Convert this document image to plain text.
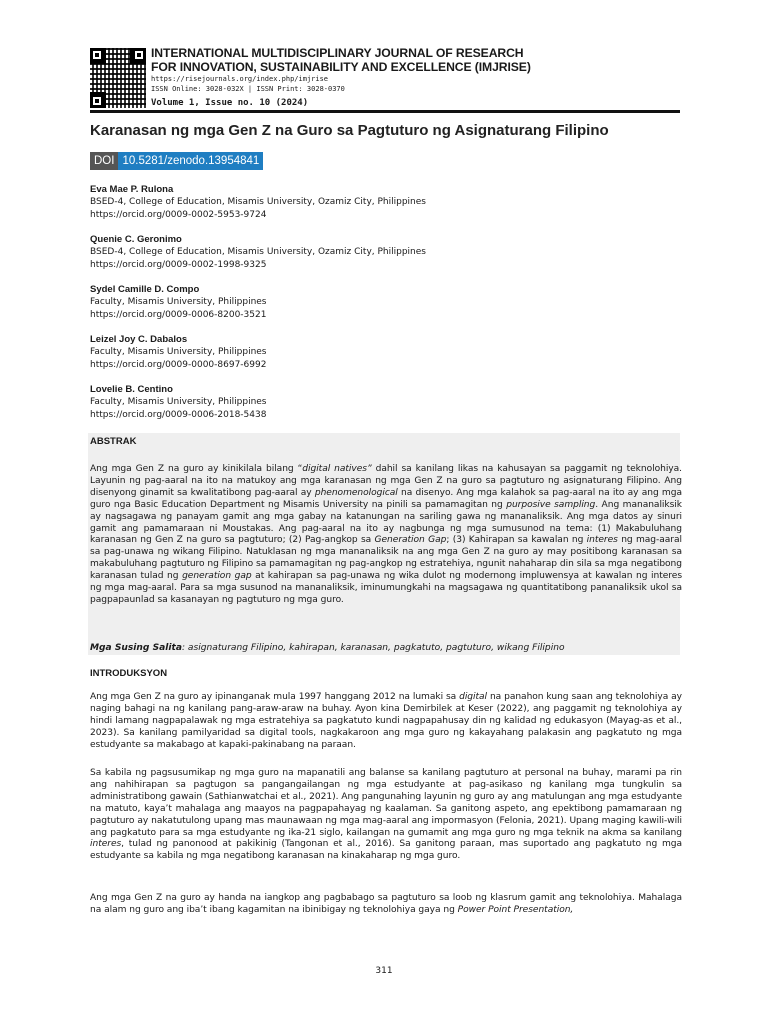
INTERNATIONAL MULTIDISCIPLINARY JOURNAL OF RESEARCH
FOR INNOVATION, SUSTAINABILITY AND EXCELLENCE (IMJRISE)
https://risejournals.org/index.php/imjrise
ISSN Online: 3028-032X | ISSN Print: 3028-0370
Volume 1, Issue no. 10 (2024)
Karanasan ng mga Gen Z na Guro sa Pagtuturo ng Asignaturang Filipino
DOI 10.5281/zenodo.13954841
Eva Mae P. Rulona
BSED-4, College of Education, Misamis University, Ozamiz City, Philippines
https://orcid.org/0009-0002-5953-9724
Quenie C. Geronimo
BSED-4, College of Education, Misamis University, Ozamiz City, Philippines
https://orcid.org/0009-0002-1998-9325
Sydel Camille D. Compo
Faculty, Misamis University, Philippines
https://orcid.org/0009-0006-8200-3521
Leizel Joy C. Dabalos
Faculty, Misamis University, Philippines
https://orcid.org/0009-0000-8697-6992
Lovelie B. Centino
Faculty, Misamis University, Philippines
https://orcid.org/0009-0006-2018-5438
ABSTRAK

Ang mga Gen Z na guro ay kinikilala bilang “digital natives” dahil sa kanilang likas na kahusayan sa paggamit ng teknolohiya. Layunin ng pag-aaral na ito na matukoy ang mga karanasan ng mga Gen Z na guro sa pagtuturo ng asignaturang Filipino. Ang disenyong ginamit sa kwalitatibong pag-aaral ay phenomenological na disenyo. Ang mga kalahok sa pag-aaral na ito ay ang mga guro nga Basic Education Department ng Misamis University na pinili sa pamamagitan ng purposive sampling. Ang mananaliksik ay nagsagawa ng panayam gamit ang mga gabay na katanungan na sariling gawa ng mananaliksik. Ang mga datos ay sinuri gamit ang pamamaraan ni Moustakas. Ang pag-aaral na ito ay nagbunga ng mga sumusunod na tema: (1) Makabuluhang karanasan ng Gen Z na guro sa pagtuturo; (2) Pag-angkop sa Generation Gap; (3) Kahirapan sa kawalan ng interes ng mag-aaral sa pag-unawa ng wikang Filipino. Natuklasan ng mga mananaliksik na ang mga Gen Z na guro ay may positibong karanasan sa makabuluhang pagtuturo ng Filipino sa pamamagitan ng pag-angkop ng estratehiya, ngunit nahaharap din sila sa mga negatibong karanasan tulad ng generation gap at kahirapan sa pag-unawa ng wika dulot ng modernong impluwensya at kawalan ng interes ng mga mag-aaral. Para sa mga susunod na mananaliksik, iminumungkahi na magsagawa ng quantitatibong pananaliksik ukol sa pagpapaunlad sa kasanayan ng pagtuturo ng mga guro.

Mga Susing Salita: asignaturang Filipino, kahirapan, karanasan, pagkatuto, pagtuturo, wikang Filipino

INTRODUKSYON

Ang mga Gen Z na guro ay ipinanganak mula 1997 hanggang 2012 na lumaki sa digital na panahon kung saan ang teknolohiya ay naging bahagi na ng kanilang pang-araw-araw na buhay. Ayon kina Demirbilek at Keser (2022), ang paggamit ng teknolohiya ay hindi lamang nagpapalawak ng mga estratehiya sa pagkatuto kundi nagpapahusay din ng kalidad ng edukasyon (Mayag-as et al., 2023). Sa kanilang pamilyaridad sa digital tools, nagkakaroon ang mga guro ng kakayahang palakasin ang pagkatuto ng mga estudyante sa makabago at kapaki-pakinabang na paraan.

Sa kabila ng pagsusumikap ng mga guro na mapanatili ang balanse sa kanilang pagtuturo at personal na buhay, marami pa rin ang nahihirapan sa pagtugon sa pangangailangan ng mga estudyante at pag-asikaso ng kanilang mga tungkulin sa administratibong gawain (Sathianwatchai et al., 2021). Ang pangunahing layunin ng guro ay ang matulungan ang mga estudyante na matuto, kaya’t mahalaga ang maayos na pagpapahayag ng kaalaman. Sa ganitong aspeto, ang epektibong pamamaraan ng pagtuturo ay nakatutulong upang mas maunawaan ng mga mag-aaral ang impormasyon (Felonia, 2021). Upang maging kawili-wili ang pagkatuto para sa mga estudyante ng ika-21 siglo, kailangan na gumamit ang mga guro ng mga teknik na akma sa kanilang interes, tulad ng panonood at pakikinig (Tangonan et al., 2016). Sa ganitong paraan, mas suportado ang pagkatuto ng mga estudyante sa kabila ng mga negatibong karanasan na kinakaharap ng mga guro.

Ang mga Gen Z na guro ay handa na iangkop ang pagbabago sa pagtuturo sa loob ng klasrum gamit ang teknolohiya. Mahalaga na alam ng guro ang iba’t ibang kagamitan na ibinibigay ng teknolohiya gaya ng Power Point Presentation,

311
